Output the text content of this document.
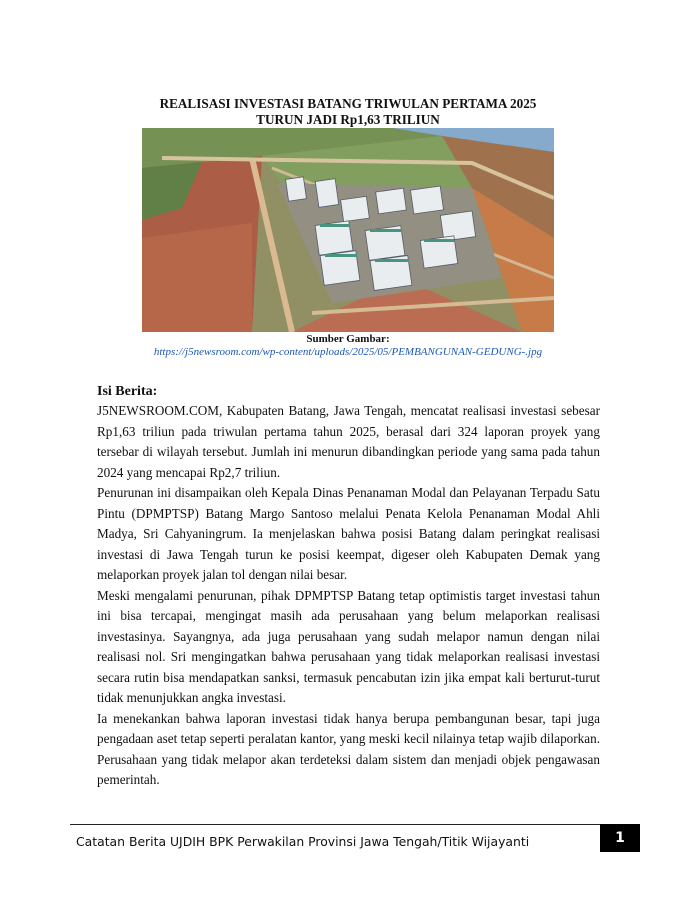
REALISASI INVESTASI BATANG TRIWULAN PERTAMA 2025
TURUN JADI Rp1,63 TRILIUN
Sumber Gambar:
https://j5newsroom.com/wp-content/uploads/2025/05/PEMBANGUNAN-GEDUNG-.jpg
Isi Berita:

J5NEWSROOM.COM, Kabupaten Batang, Jawa Tengah, mencatat realisasi investasi sebesar Rp1,63 triliun pada triwulan pertama tahun 2025, berasal dari 324 laporan proyek yang tersebar di wilayah tersebut. Jumlah ini menurun dibandingkan periode yang sama pada tahun 2024 yang mencapai Rp2,7 triliun.

Penurunan ini disampaikan oleh Kepala Dinas Penanaman Modal dan Pelayanan Terpadu Satu Pintu (DPMPTSP) Batang Margo Santoso melalui Penata Kelola Penanaman Modal Ahli Madya, Sri Cahyaningrum. Ia menjelaskan bahwa posisi Batang dalam peringkat realisasi investasi di Jawa Tengah turun ke posisi keempat, digeser oleh Kabupaten Demak yang melaporkan proyek jalan tol dengan nilai besar.

Meski mengalami penurunan, pihak DPMPTSP Batang tetap optimistis target investasi tahun ini bisa tercapai, mengingat masih ada perusahaan yang belum melaporkan realisasi investasinya. Sayangnya, ada juga perusahaan yang sudah melapor namun dengan nilai realisasi nol. Sri mengingatkan bahwa perusahaan yang tidak melaporkan realisasi investasi secara rutin bisa mendapatkan sanksi, termasuk pencabutan izin jika empat kali berturut-turut tidak menunjukkan angka investasi.

Ia menekankan bahwa laporan investasi tidak hanya berupa pembangunan besar, tapi juga pengadaan aset tetap seperti peralatan kantor, yang meski kecil nilainya tetap wajib dilaporkan. Perusahaan yang tidak melapor akan terdeteksi dalam sistem dan menjadi objek pengawasan pemerintah.

Catatan Berita UJDIH BPK Perwakilan Provinsi Jawa Tengah/Titik Wijayanti	1
